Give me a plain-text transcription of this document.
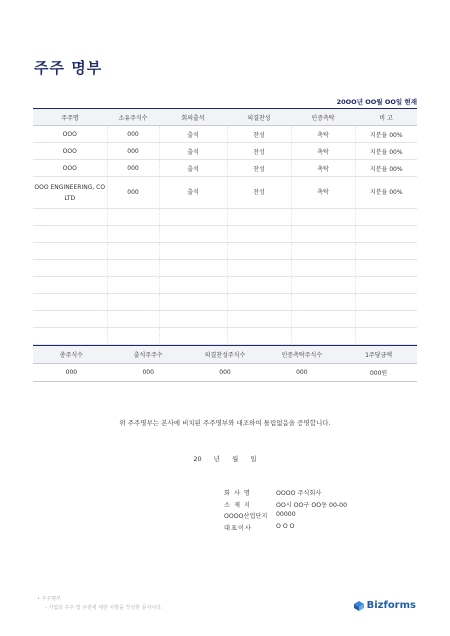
주주 명부
20OO년 OO월 OO일 현재
주주명	소유주식수	회의출석	의결찬성	인증측탁	비 고
OOO	000	출석	찬성	촉탁	지분율 00%
OOO	000	출석	찬성	촉탁	지분율 00%
OOO	000	출석	찬성	촉탁	지분율 00%
OOO ENGINEERING, CO LTD	000	출석	찬성	촉탁	지분율 00%

총주식수	출석주주수	의결찬성주식수	인증측탁주식수	1주당금액
000	000	000	000	000원
위 주주명부는 본사에 비치된 주주명부와 대조하여 틀림없음을 증명합니다.
20 년 월 일
회 사 명	OOOO 주식회사
소 재 지	OO시 OO구 OO동 00-00
OOOO산업단지	00000
대표이사	O O O
• 주주명부
- 기업의 주주 및 주권에 대한 사항을 작성한 문서이다.	Bizforms
